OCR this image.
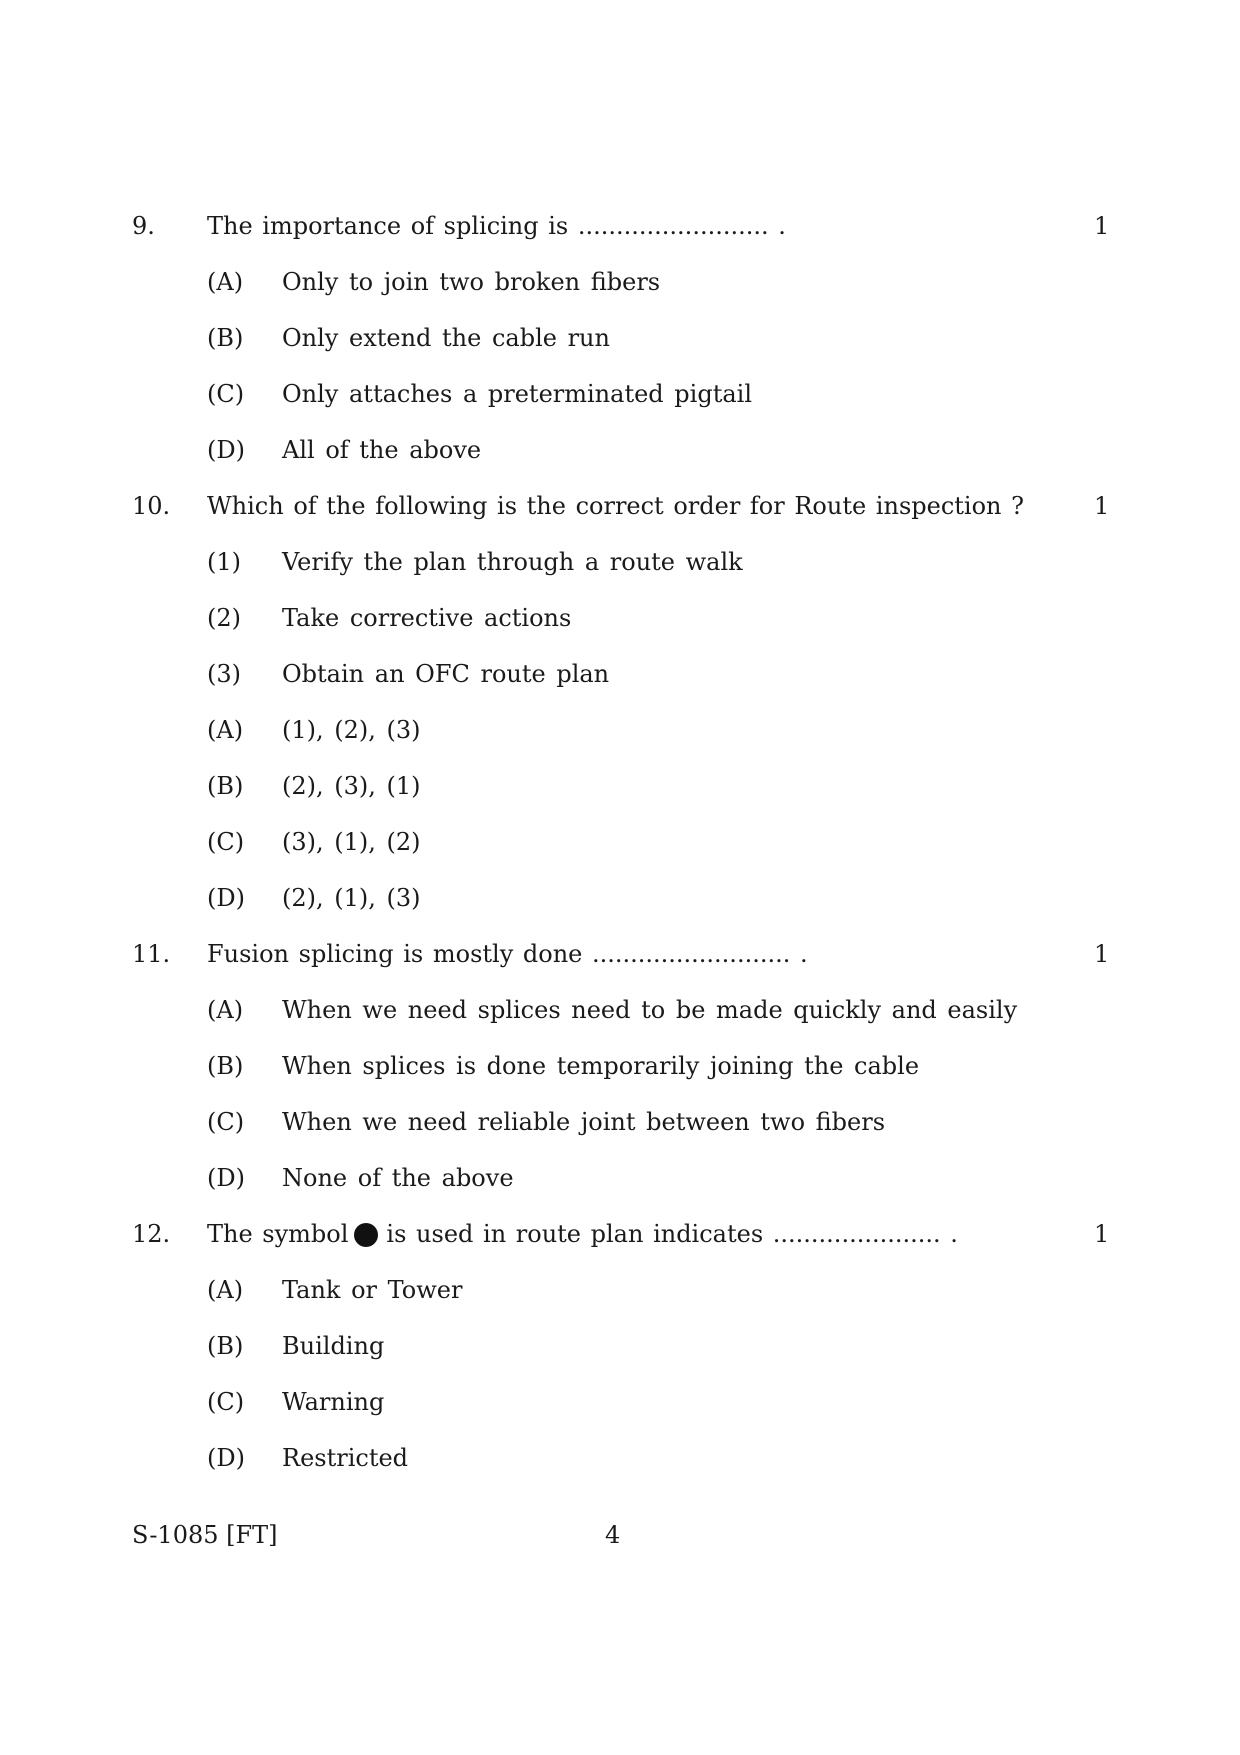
9. The importance of splicing is ......................... .	1
(A) Only to join two broken fibers
(B) Only extend the cable run
(C) Only attaches a preterminated pigtail
(D) All of the above
10. Which of the following is the correct order for Route inspection ?	1
(1) Verify the plan through a route walk
(2) Take corrective actions
(3) Obtain an OFC route plan
(A) (1), (2), (3)
(B) (2), (3), (1)
(C) (3), (1), (2)
(D) (2), (1), (3)
11. Fusion splicing is mostly done .......................... .	1
(A) When we need splices need to be made quickly and easily
(B) When splices is done temporarily joining the cable
(C) When we need reliable joint between two fibers
(D) None of the above
12. The symbol is used in route plan indicates ...................... .	1
(A) Tank or Tower
(B) Building
(C) Warning
(D) Restricted
S-1085 [FT]	4
